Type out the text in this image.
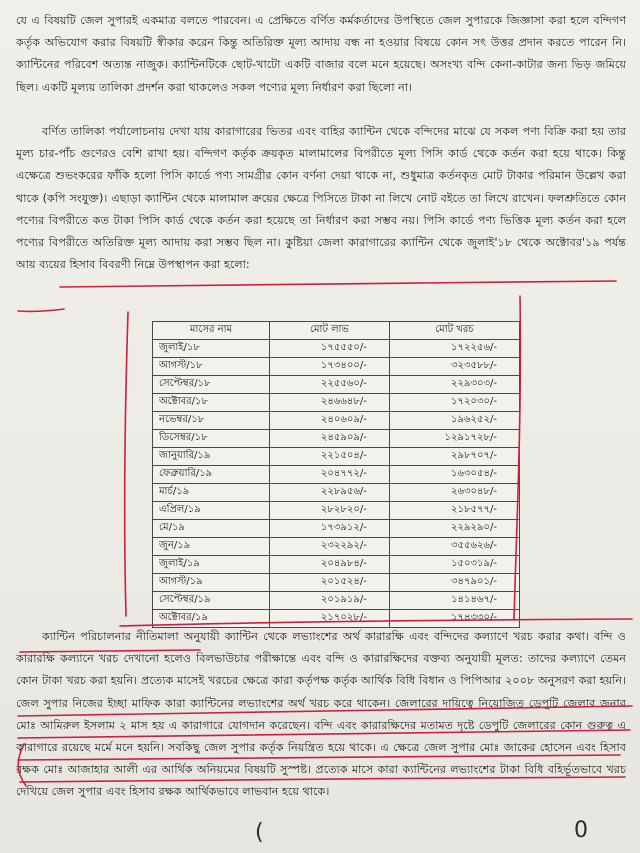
যে এ বিষয়টি জেল সুপারই একমাত্র বলতে পারবেন। এ প্রেক্ষিতে বর্ণিত কর্মকর্তাদের উপস্থিতে জেল সুপারকে জিজ্ঞাসা করা হলে বন্দিগণ কর্তৃক অভিযোগ করার বিষয়টি স্বীকার করেন কিন্তু অতিরিক্ত মূল্য আদায় বন্ধ না হওয়ার বিষয়ে কোন সৎ উত্তর প্রদান করতে পারেন নি। ক্যান্টিনের পরিবেশ অত্যন্ত নাজুক। ক্যান্টিনটিকে ছোট-খাটো একটি বাজার বলে মনে হয়েছে। অসংখ্য বন্দি কেনা-কাটার জন্য ভিড় জমিয়ে ছিল। একটি মূল্যয় তালিকা প্রদর্শন করা থাকলেও সকল পণ্যের মূল্য নির্ধারণ করা ছিলো না।

বর্ণিত তালিকা পর্যালোচনায় দেখা যায় কারাগারের ভিতর এবং বাহির ক্যান্টিন থেকে বন্দিদের মাঝে যে সকল পণ্য বিক্রি করা হয় তার মূল্য চার-পাঁচ গুণেরও বেশি রাখা হয়। বন্দিগণ কর্তৃক ক্রয়কৃত মালামালের বিপরীতে মূল্য পিসি কার্ড থেকে কর্তন করা হয়ে থাকে। কিন্তু এক্ষেত্রে শুভংকরের ফাঁকি হলো পিসি কার্ডে পণ্য সামগ্রীর কোন বর্ণনা দেয়া থাকে না, শুধুমাত্র কর্তনকৃত মোট টাকার পরিমান উল্লেখ করা থাকে (কপি সংযুক্ত)। এছাড়া ক্যান্টিন থেকে মালামাল ক্রয়ের ক্ষেত্রে পিসিতে টাকা না লিখে নোট বইতে তা লিখে রাখেন। ফলশ্রুতিতে কোন পণ্যের বিপরীতে কত টাকা পিসি কার্ড থেকে কর্তন করা হয়েছে তা নির্ধারণ করা সম্ভব নয়। পিসি কার্ডে পণ্য ভিত্তিক মূল্য কর্তন করা হলে পণ্যের বিপরীতে অতিরিক্ত মূল্য আদায় করা সম্ভব ছিল না। কুষ্টিয়া জেলা কারাগারের ক্যান্টিন থেকে জুলাই'১৮ থেকে অক্টোবর'১৯ পর্যন্ত আয় ব্যয়ের হিসাব বিবরণী নিম্নে উপস্থাপন করা হলো:

মাসের নাম	মোট লাভ	মোট খরচ
জুলাই/১৮	১৭৫৫৫০/-	১৭২২৫৬/-
আগস্ট/১৮	১৭৩৪০০/-	৩২৩৫৮৮/-
সেপ্টেম্বর/১৮	২২৫৫৬০/-	২২৯৩০৩/-
অক্টোবর/১৮	২৪৬৬৪৮/-	১৭২০৩০/-
নভেম্বর/১৮	২৪০৬০৯/-	১৯৬২৫২/-
ডিসেম্বর/১৮	২৪৫৯০৯/-	১২৯১৭২৮/-
জানুয়ারি/১৯	২২১৫০৪/-	২৯৮৭০৭/-
ফেব্রুয়ারি/১৯	২০৪৭৭২/-	১৬৩০৫৪/-
মার্চ/১৯	২২৮৯৫৬/-	২৬৩০৪৮/-
এপ্রিল/১৯	২৮২৮২০/-	২১৮৫৭৭/-
মে/১৯	১৭৩৯১২/-	২২৯২৯০/-
জুন/১৯	২৩২২৯২/-	৩৫৫৬২৬/-
জুলাই/১৯	২০৪৯৮৪/-	১৫০৩১৯/-
আগস্ট/১৯	২০১৫২৪/-	৩৪৭৯০১/-
সেপ্টেম্বর/১৯	২০১৯১৯/-	১৪১৪৬৭/-
অক্টোবর/১৯	২১৭০২৮/-	১৭৪৩৩০/-

ক্যান্টিন পরিচালনার নীতিমালা অনুযায়ী ক্যান্টিন থেকে লভ্যাংশের অর্থ কারারক্ষি এবং বন্দিদের কল্যাণে খরচ করার কথা। বন্দি ও কারারক্ষি কল্যানে খরচ দেখানো হলেও বিলভাউচার পরীক্ষান্তে এবং বন্দি ও কারারক্ষিদের বক্তব্য অনুযায়ী মূলত: তাদের কল্যাণে তেমন কোন টাকা খরচ করা হয়নি। প্রত্যেক মাসেই খরচের ক্ষেত্রে কারা কর্তৃপক্ষ কর্তৃক আর্থিক বিধি বিধান ও পিপিআর ২০০৮ অনুসরণ করা হয়নি। জেল সুপার নিজের ইচ্ছা মাফিক কারা ক্যান্টিনের লভ্যাংশের অর্থ খরচ করে থাকেন। জেলারের দায়িত্বে নিয়োজিত ডেপুটি জেলার জনাব মোঃ আমিরুল ইসলাম ২ মাস হয় এ কারাগারে যোগদান করেছেন। বন্দি এবং কারারক্ষিদের মতামত দৃষ্টে ডেপুটি জেলারের কোন গুরুত্ব এ কারাগারে রয়েছে মর্মে মনে হয়নি। সবকিছু জেল সুপার কর্তৃক নিয়ন্ত্রিত হয়ে থাকে। এ ক্ষেত্রে জেল সুপার মোঃ জাকের হোসেন এবং হিসাব রক্ষক মোঃ আজাহার আলী এর আর্থিক অনিয়মের বিষয়টি সুস্পষ্ট। প্রত্যেক মাসে কারা ক্যান্টিনের লভ্যাংশের টাকা বিধি বহির্ভূতভাবে খরচ দেখিয়ে জেল সুপার এবং হিসাব রক্ষক আর্থিকভাবে লাভবান হয়ে থাকে।

(	0
